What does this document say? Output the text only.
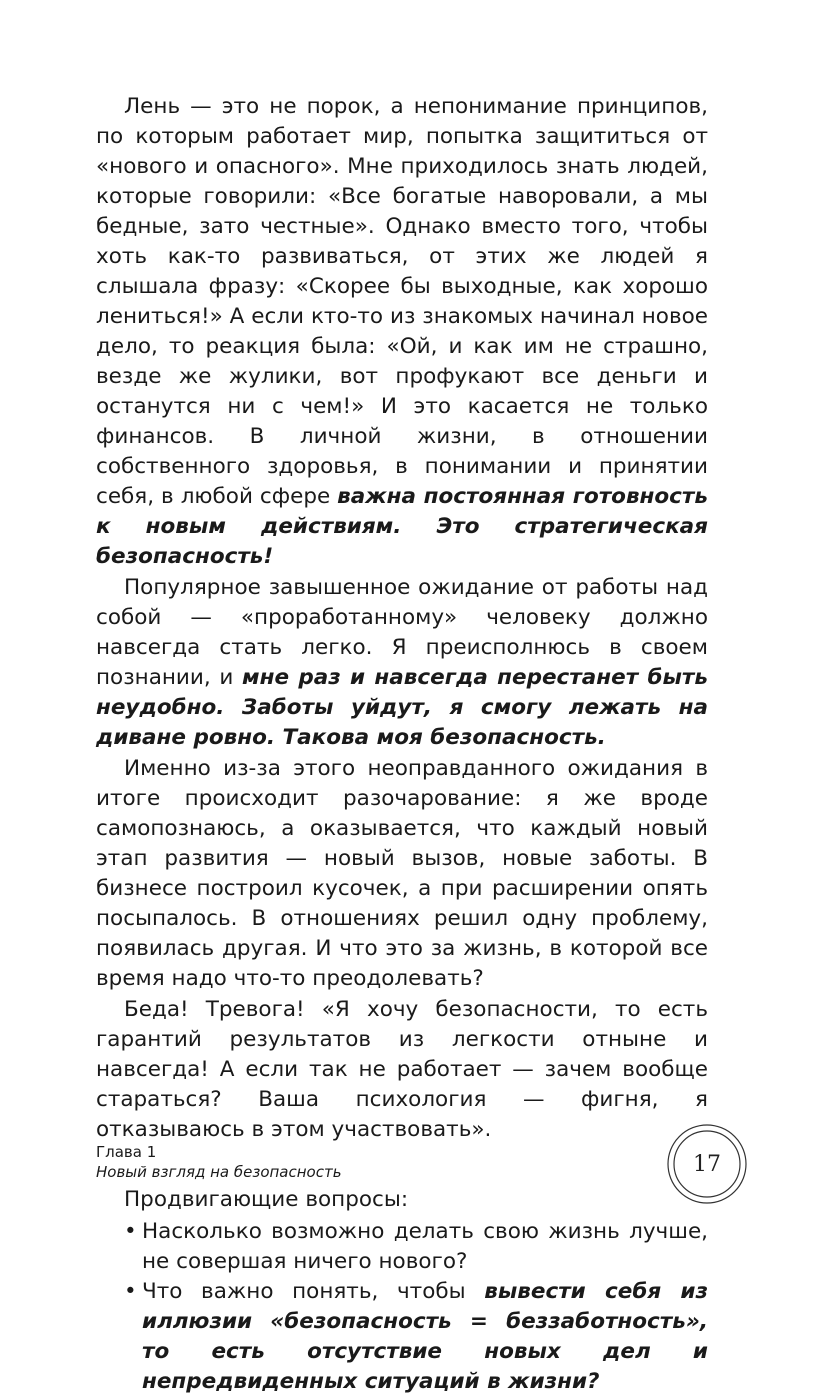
Лень — это не порок, а непонимание принципов, по которым работает мир, попытка защититься от «нового и опасного». Мне приходилось знать людей, которые говорили: «Все богатые наворовали, а мы бедные, зато честные». Однако вместо того, чтобы хоть как-то развиваться, от этих же людей я слышала фразу: «Скорее бы выходные, как хорошо лениться!» А если кто-то из знакомых начинал новое дело, то реакция была: «Ой, и как им не страшно, везде же жулики, вот профукают все деньги и останутся ни с чем!» И это касается не только финансов. В личной жизни, в отношении собственного здоровья, в понимании и принятии себя, в любой сфере важна постоянная готовность к новым действиям. Это стратегическая безопасность!

Популярное завышенное ожидание от работы над собой — «проработанному» человеку должно навсегда стать легко. Я преисполнюсь в своем познании, и мне раз и навсегда перестанет быть неудобно. Заботы уйдут, я смогу лежать на диване ровно. Такова моя безопасность.

Именно из-за этого неоправданного ожидания в итоге происходит разочарование: я же вроде самопознаюсь, а оказывается, что каждый новый этап развития — новый вызов, новые заботы. В бизнесе построил кусочек, а при расширении опять посыпалось. В отношениях решил одну проблему, появилась другая. И что это за жизнь, в которой все время надо что-то преодолевать?

Беда! Тревога! «Я хочу безопасности, то есть гарантий результатов из легкости отныне и навсегда! А если так не работает — зачем вообще стараться? Ваша психология — фигня, я отказываюсь в этом участвовать».

Продвигающие вопросы:
• Насколько возможно делать свою жизнь лучше, не совершая ничего нового?
• Что важно понять, чтобы вывести себя из иллюзии «безопасность = беззаботность», то есть отсутствие новых дел и непредвиденных ситуаций в жизни?
Глава 1
Новый взгляд на безопасность	17
